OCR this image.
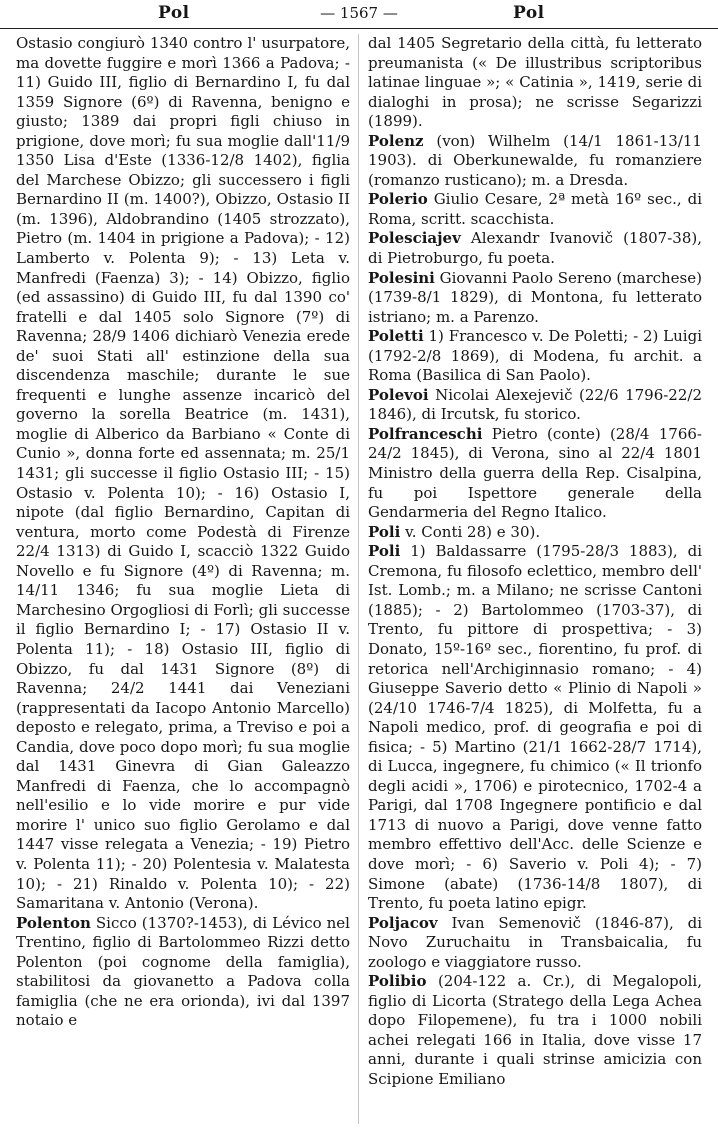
Pol	— 1567 —	Pol

Ostasio congiurò 1340 contro l' usurpatore, ma dovette fuggire e morì 1366 a Padova; - 11) Guido III, figlio di Bernardino I, fu dal 1359 Signore (6º) di Ravenna, benigno e giusto; 1389 dai propri figli chiuso in prigione, dove morì; fu sua moglie dall'11/9 1350 Lisa d'Este (1336-12/8 1402), figlia del Marchese Obizzo; gli successero i figli Bernardino II (m. 1400?), Obizzo, Ostasio II (m. 1396), Aldobrandino (1405 strozzato), Pietro (m. 1404 in prigione a Padova); - 12) Lamberto v. Polenta 9); - 13) Leta v. Manfredi (Faenza) 3); - 14) Obizzo, figlio (ed assassino) di Guido III, fu dal 1390 co' fratelli e dal 1405 solo Signore (7º) di Ravenna; 28/9 1406 dichiarò Venezia erede de' suoi Stati all' estinzione della sua discendenza maschile; durante le sue frequenti e lunghe assenze incaricò del governo la sorella Beatrice (m. 1431), moglie di Alberico da Barbiano « Conte di Cunio », donna forte ed assennata; m. 25/1 1431; gli successe il figlio Ostasio III; - 15) Ostasio v. Polenta 10); - 16) Ostasio I, nipote (dal figlio Bernardino, Capitan di ventura, morto come Podestà di Firenze 22/4 1313) di Guido I, scacciò 1322 Guido Novello e fu Signore (4º) di Ravenna; m. 14/11 1346; fu sua moglie Lieta di Marchesino Orgogliosi di Forlì; gli successe il figlio Bernardino I; - 17) Ostasio II v. Polenta 11); - 18) Ostasio III, figlio di Obizzo, fu dal 1431 Signore (8º) di Ravenna; 24/2 1441 dai Veneziani (rappresentati da Iacopo Antonio Marcello) deposto e relegato, prima, a Treviso e poi a Candia, dove poco dopo morì; fu sua moglie dal 1431 Ginevra di Gian Galeazzo Manfredi di Faenza, che lo accompagnò nell'esilio e lo vide morire e pur vide morire l' unico suo figlio Gerolamo e dal 1447 visse relegata a Venezia; - 19) Pietro v. Polenta 11); - 20) Polentesia v. Malatesta 10); - 21) Rinaldo v. Polenta 10); - 22) Samaritana v. Antonio (Verona).

Polenton Sicco (1370?-1453), di Lévico nel Trentino, figlio di Bartolommeo Rizzi detto Polenton (poi cognome della famiglia), stabilitosi da giovanetto a Padova colla famiglia (che ne era orionda), ivi dal 1397 notaio e

dal 1405 Segretario della città, fu letterato preumanista (« De illustribus scriptoribus latinae linguae »; « Catinia », 1419, serie di dialoghi in prosa); ne scrisse Segarizzi (1899).

Polenz (von) Wilhelm (14/1 1861-13/11 1903). di Oberkunewalde, fu romanziere (romanzo rusticano); m. a Dresda.

Polerio Giulio Cesare, 2ª metà 16º sec., di Roma, scritt. scacchista.

Polesciajev Alexandr Ivanovič (1807-38), di Pietroburgo, fu poeta.

Polesini Giovanni Paolo Sereno (marchese) (1739-8/1 1829), di Montona, fu letterato istriano; m. a Parenzo.

Poletti 1) Francesco v. De Poletti; - 2) Luigi (1792-2/8 1869), di Modena, fu archit. a Roma (Basilica di San Paolo).

Polevoi Nicolai Alexejevič (22/6 1796-22/2 1846), di Ircutsk, fu storico.

Polfranceschi Pietro (conte) (28/4 1766-24/2 1845), di Verona, sino al 22/4 1801 Ministro della guerra della Rep. Cisalpina, fu poi Ispettore generale della Gendarmeria del Regno Italico.

Poli v. Conti 28) e 30).

Poli 1) Baldassarre (1795-28/3 1883), di Cremona, fu filosofo eclettico, membro dell' Ist. Lomb.; m. a Milano; ne scrisse Cantoni (1885); - 2) Bartolommeo (1703-37), di Trento, fu pittore di prospettiva; - 3) Donato, 15º-16º sec., fiorentino, fu prof. di retorica nell'Archiginnasio romano; - 4) Giuseppe Saverio detto « Plinio di Napoli » (24/10 1746-7/4 1825), di Molfetta, fu a Napoli medico, prof. di geografia e poi di fisica; - 5) Martino (21/1 1662-28/7 1714), di Lucca, ingegnere, fu chimico (« Il trionfo degli acidi », 1706) e pirotecnico, 1702-4 a Parigi, dal 1708 Ingegnere pontificio e dal 1713 di nuovo a Parigi, dove venne fatto membro effettivo dell'Acc. delle Scienze e dove morì; - 6) Saverio v. Poli 4); - 7) Simone (abate) (1736-14/8 1807), di Trento, fu poeta latino epigr.

Poljacov Ivan Semenovič (1846-87), di Novo Zuruchaitu in Transbaicalia, fu zoologo e viaggiatore russo.

Polibio (204-122 a. Cr.), di Megalopoli, figlio di Licorta (Stratego della Lega Achea dopo Filopemene), fu tra i 1000 nobili achei relegati 166 in Italia, dove visse 17 anni, durante i quali strinse amicizia con Scipione Emiliano
